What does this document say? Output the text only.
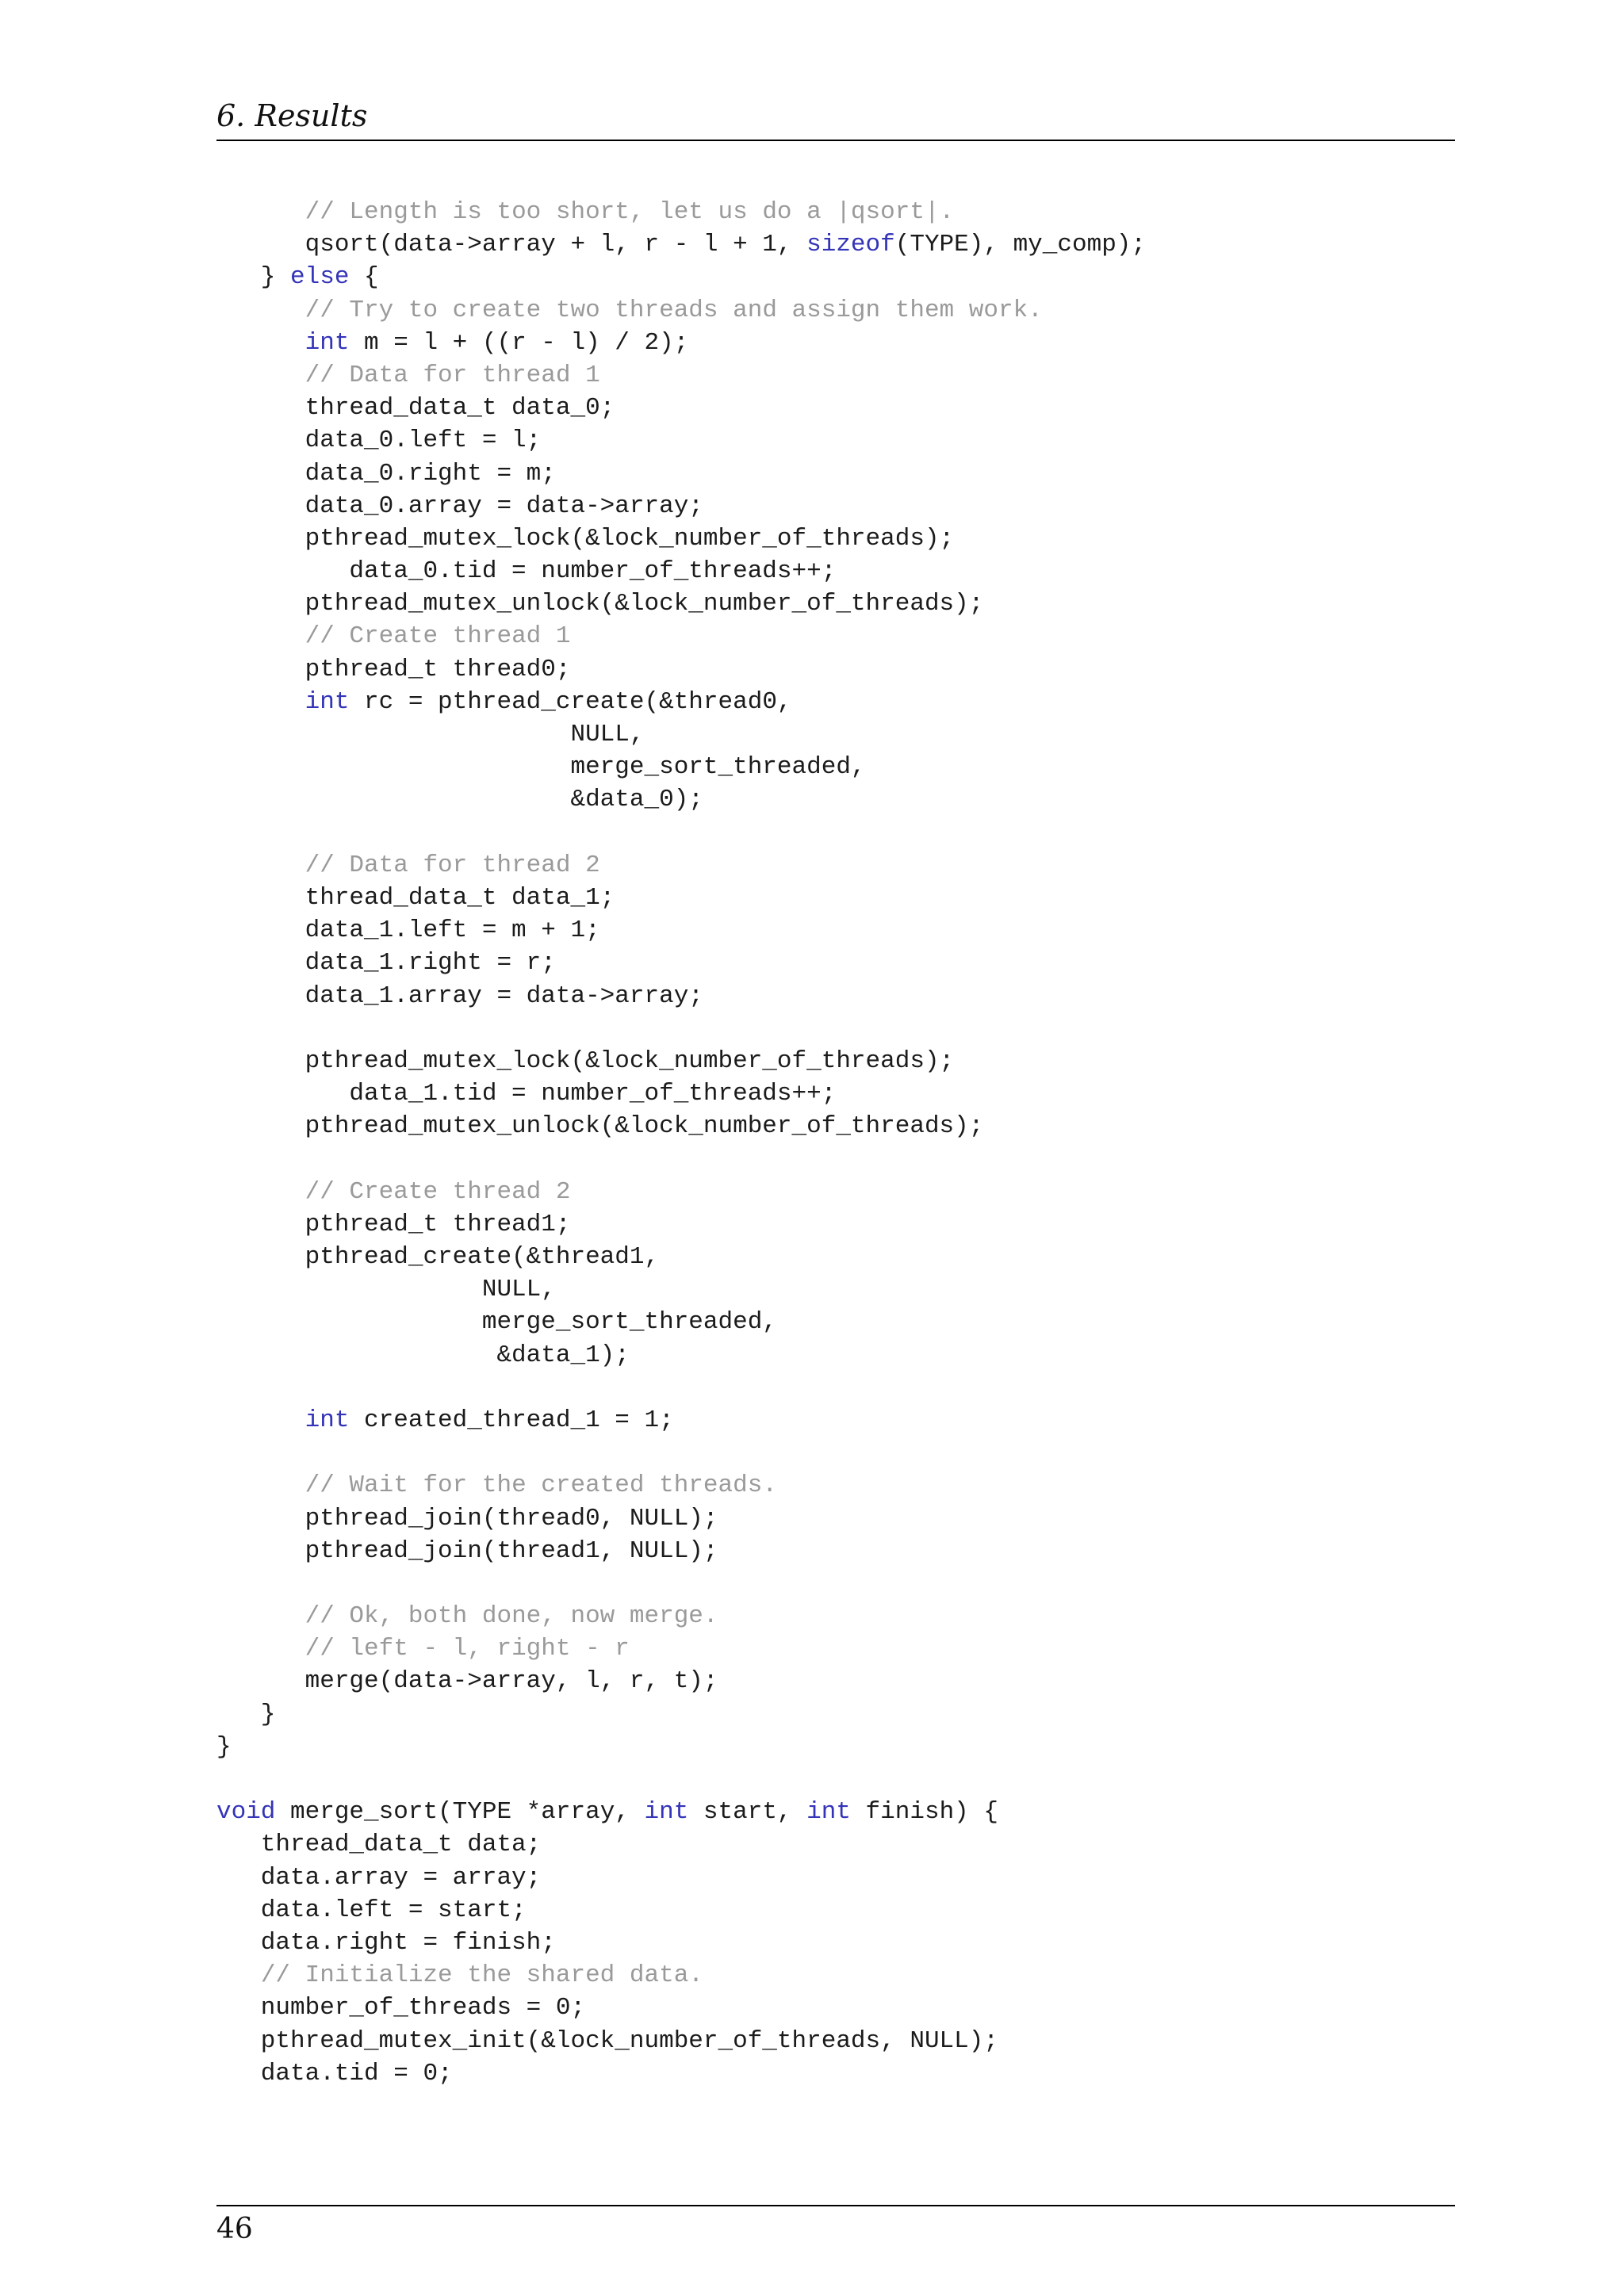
6. Results
// Length is too short, let us do a |qsort|.
qsort(data->array + l, r - l + 1, sizeof(TYPE), my_comp);
} else {
// Try to create two threads and assign them work.
int m = l + ((r - l) / 2);
// Data for thread 1
thread_data_t data_0;
data_0.left = l;
data_0.right = m;
data_0.array = data->array;
pthread_mutex_lock(&lock_number_of_threads);
data_0.tid = number_of_threads++;
pthread_mutex_unlock(&lock_number_of_threads);
// Create thread 1
pthread_t thread0;
int rc = pthread_create(&thread0,
NULL,
merge_sort_threaded,
&data_0);
// Data for thread 2
thread_data_t data_1;
data_1.left = m + 1;
data_1.right = r;
data_1.array = data->array;
pthread_mutex_lock(&lock_number_of_threads);
data_1.tid = number_of_threads++;
pthread_mutex_unlock(&lock_number_of_threads);
// Create thread 2
pthread_t thread1;
pthread_create(&thread1,
NULL,
merge_sort_threaded,
&data_1);
int created_thread_1 = 1;
// Wait for the created threads.
pthread_join(thread0, NULL);
pthread_join(thread1, NULL);
// Ok, both done, now merge.
// left - l, right - r
merge(data->array, l, r, t);
}
}
void merge_sort(TYPE *array, int start, int finish) {
thread_data_t data;
data.array = array;
data.left = start;
data.right = finish;
// Initialize the shared data.
number_of_threads = 0;
pthread_mutex_init(&lock_number_of_threads, NULL);
data.tid = 0;
46
